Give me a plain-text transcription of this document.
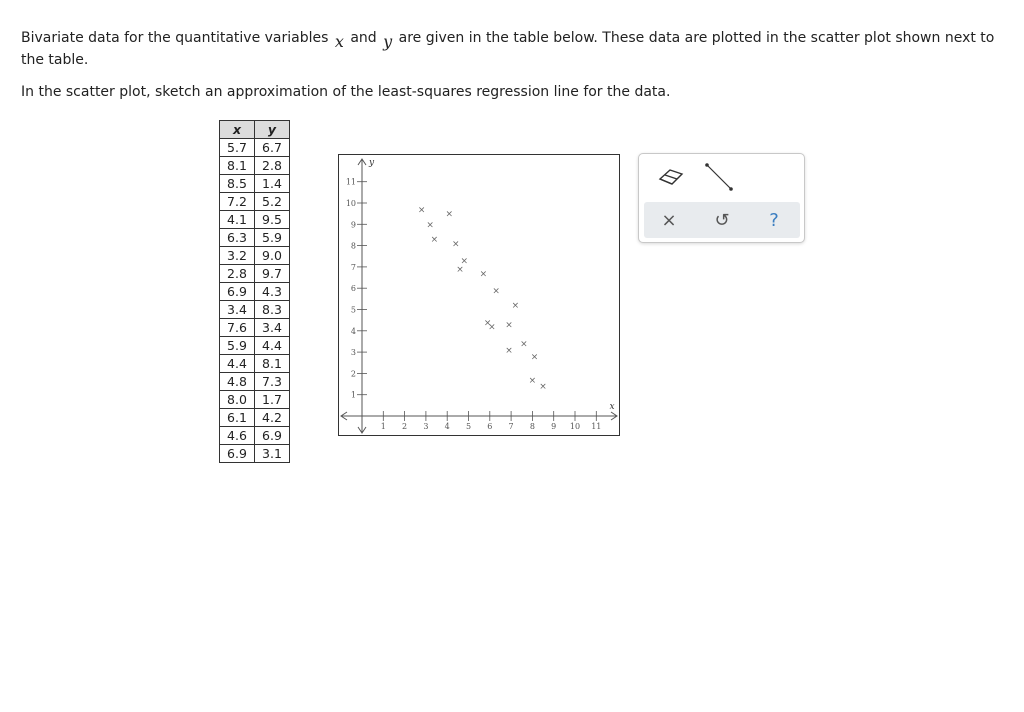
Bivariate data for the quantitative variables x and y are given in the table below. These data are plotted in the scatter plot shown next to the table.

In the scatter plot, sketch an approximation of the least-squares regression line for the data.

x	y
5.7	6.7
8.1	2.8
8.5	1.4
7.2	5.2
4.1	9.5
6.3	5.9
3.2	9.0
2.8	9.7
6.9	4.3
3.4	8.3
7.6	3.4
5.9	4.4
4.4	8.1
4.8	7.3
8.0	1.7
6.1	4.2
4.6	6.9
6.9	3.1
x
y
1 2 3 4 5 6 7 8 9 10 11
1
2
3
4
5
6
7
8
9
10
11
×
×
×
×
×
×
×
×
×
×
×
×
×
×
×
×
×
×
× ↺ ?
